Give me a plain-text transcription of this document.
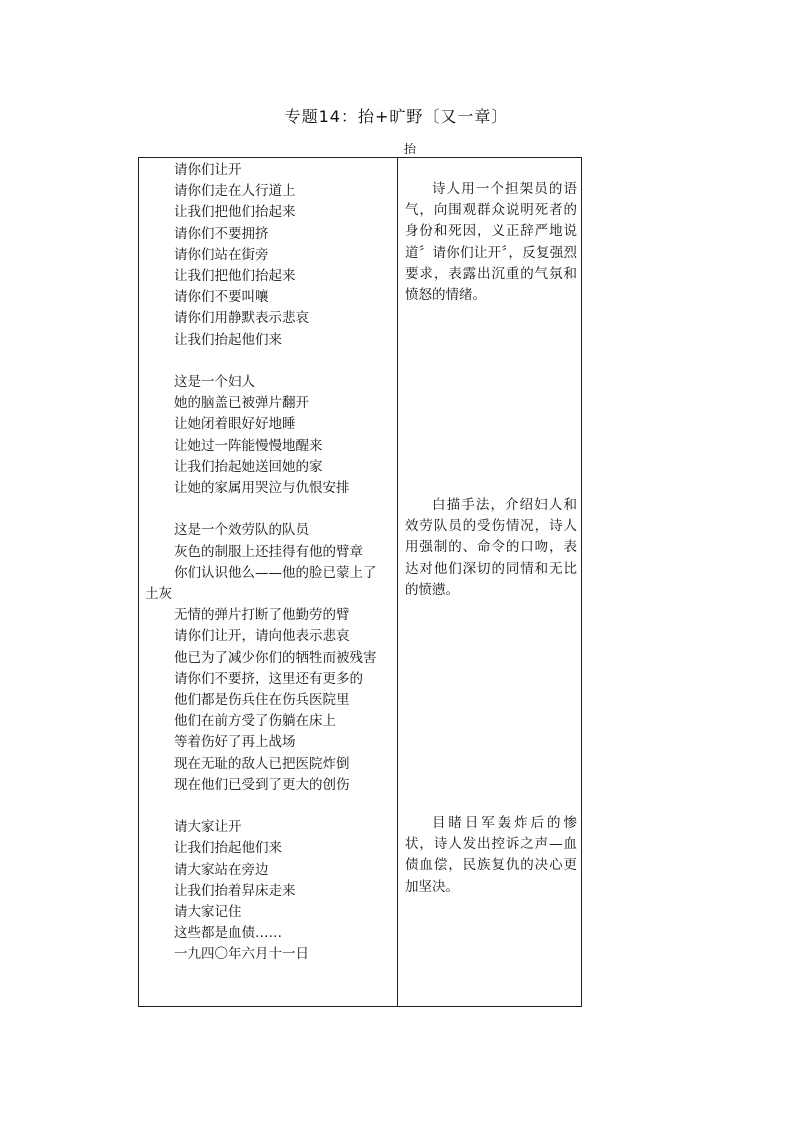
专题14：抬+旷野〔又一章〕
抬
请你们让开
请你们走在人行道上
让我们把他们抬起来
请你们不要拥挤
请你们站在街旁
让我们把他们抬起来
请你们不要叫嚷
请你们用静默表示悲哀
让我们抬起他们来
这是一个妇人
她的脑盖已被弹片翻开
让她闭着眼好好地睡
让她过一阵能慢慢地醒来
让我们抬起她送回她的家
让她的家属用哭泣与仇恨安排
这是一个效劳队的队员
灰色的制服上还挂得有他的臂章
你们认识他么——他的脸已蒙上了土灰
无情的弹片打断了他勤劳的臂
请你们让开，请向他表示悲哀
他已为了减少你们的牺牲而被残害
请你们不要挤，这里还有更多的
他们都是伤兵住在伤兵医院里
他们在前方受了伤躺在床上
等着伤好了再上战场
现在无耻的敌人已把医院炸倒
现在他们已受到了更大的创伤
请大家让开
让我们抬起他们来
请大家站在旁边
让我们抬着舁床走来
请大家记住
这些都是血债……
一九四〇年六月十一日
诗人用一个担架员的语气，向围观群众说明死者的身份和死因，义正辞严地说道〞请你们让开〞，反复强烈要求，表露出沉重的气氛和愤怒的情绪。
白描手法，介绍妇人和效劳队员的受伤情况，诗人用强制的、命令的口吻，表达对他们深切的同情和无比的愤懑。
目睹日军轰炸后的惨状，诗人发出控诉之声—血债血偿，民族复仇的决心更加坚决。
